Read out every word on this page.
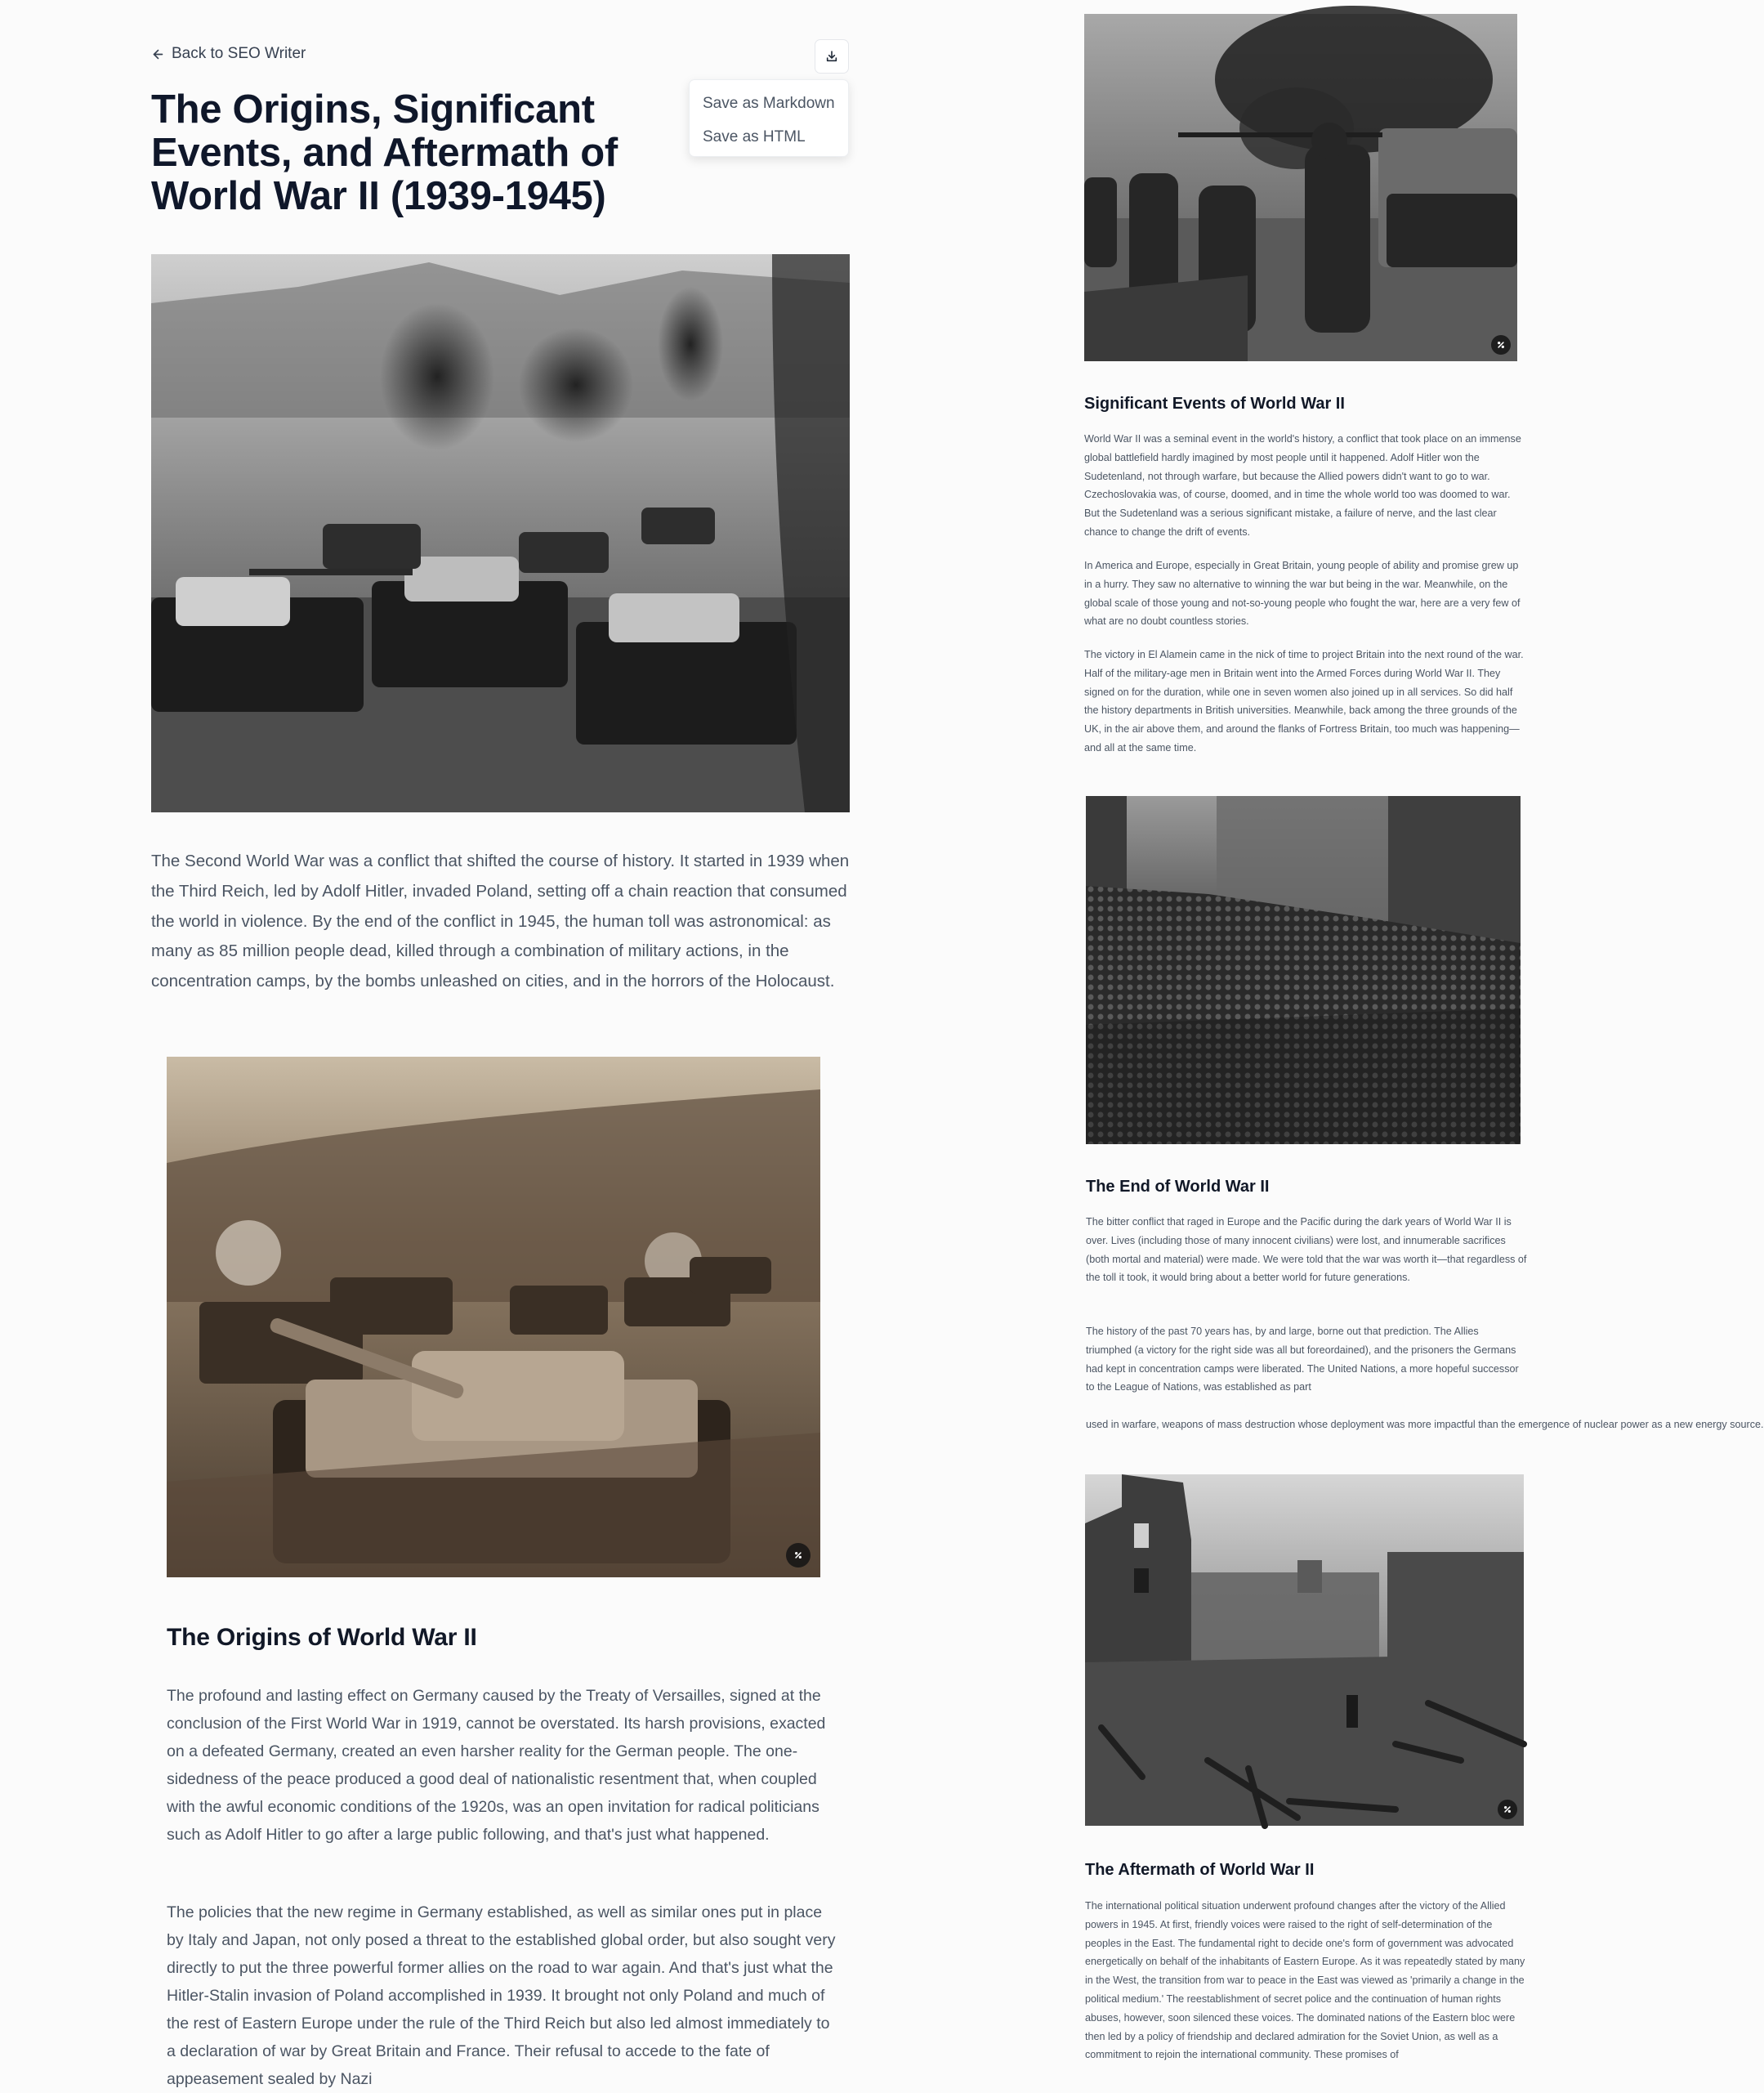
Back to SEO Writer
Save as Markdown
Save as HTML
The Origins, Significant Events, and Aftermath of World War II (1939-1945)

The Second World War was a conflict that shifted the course of history. It started in 1939 when the Third Reich, led by Adolf Hitler, invaded Poland, setting off a chain reaction that consumed the world in violence. By the end of the conflict in 1945, the human toll was astronomical: as many as 85 million people dead, killed through a combination of military actions, in the concentration camps, by the bombs unleashed on cities, and in the horrors of the Holocaust.

The Origins of World War II

The profound and lasting effect on Germany caused by the Treaty of Versailles, signed at the conclusion of the First World War in 1919, cannot be overstated. Its harsh provisions, exacted on a defeated Germany, created an even harsher reality for the German people. The one-sidedness of the peace produced a good deal of nationalistic resentment that, when coupled with the awful economic conditions of the 1920s, was an open invitation for radical politicians such as Adolf Hitler to go after a large public following, and that's just what happened.

The policies that the new regime in Germany established, as well as similar ones put in place by Italy and Japan, not only posed a threat to the established global order, but also sought very directly to put the three powerful former allies on the road to war again. And that's just what the Hitler-Stalin invasion of Poland accomplished in 1939. It brought not only Poland and much of the rest of Eastern Europe under the rule of the Third Reich but also led almost immediately to a declaration of war by Great Britain and France. Their refusal to accede to the fate of appeasement sealed by Nazi

Significant Events of World War II

World War II was a seminal event in the world's history, a conflict that took place on an immense global battlefield hardly imagined by most people until it happened. Adolf Hitler won the Sudetenland, not through warfare, but because the Allied powers didn't want to go to war. Czechoslovakia was, of course, doomed, and in time the whole world too was doomed to war. But the Sudetenland was a serious significant mistake, a failure of nerve, and the last clear chance to change the drift of events.

In America and Europe, especially in Great Britain, young people of ability and promise grew up in a hurry. They saw no alternative to winning the war but being in the war. Meanwhile, on the global scale of those young and not-so-young people who fought the war, here are a very few of what are no doubt countless stories.

The victory in El Alamein came in the nick of time to project Britain into the next round of the war. Half of the military-age men in Britain went into the Armed Forces during World War II. They signed on for the duration, while one in seven women also joined up in all services. So did half the history departments in British universities. Meanwhile, back among the three grounds of the UK, in the air above them, and around the flanks of Fortress Britain, too much was happening—and all at the same time.

The End of World War II

The bitter conflict that raged in Europe and the Pacific during the dark years of World War II is over. Lives (including those of many innocent civilians) were lost, and innumerable sacrifices (both mortal and material) were made. We were told that the war was worth it—that regardless of the toll it took, it would bring about a better world for future generations.

The history of the past 70 years has, by and large, borne out that prediction. The Allies triumphed (a victory for the right side was all but foreordained), and the prisoners the Germans had kept in concentration camps were liberated. The United Nations, a more hopeful successor to the League of Nations, was established as part

used in warfare, weapons of mass destruction whose deployment was more impactful than the emergence of nuclear power as a new energy source.

The Aftermath of World War II

The international political situation underwent profound changes after the victory of the Allied powers in 1945. At first, friendly voices were raised to the right of self-determination of the peoples in the East. The fundamental right to decide one's form of government was advocated energetically on behalf of the inhabitants of Eastern Europe. As it was repeatedly stated by many in the West, the transition from war to peace in the East was viewed as 'primarily a change in the political medium.' The reestablishment of secret police and the continuation of human rights abuses, however, soon silenced these voices. The dominated nations of the Eastern bloc were then led by a policy of friendship and declared admiration for the Soviet Union, as well as a commitment to rejoin the international community. These promises of
